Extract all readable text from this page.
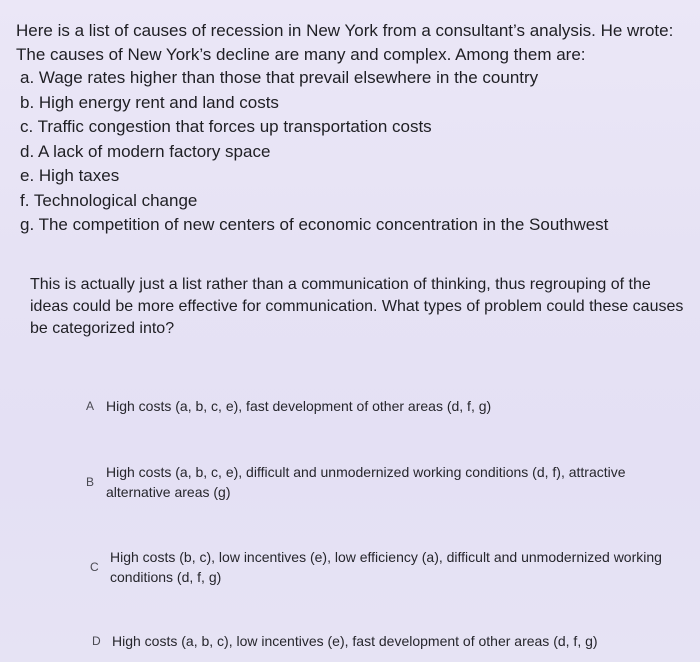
Here is a list of causes of recession in New York from a consultant’s analysis. He wrote:

The causes of New York’s decline are many and complex. Among them are:

a. Wage rates higher than those that prevail elsewhere in the country
b. High energy rent and land costs
c. Traffic congestion that forces up transportation costs
d. A lack of modern factory space
e. High taxes
f. Technological change
g. The competition of new centers of economic concentration in the Southwest

This is actually just a list rather than a communication of thinking, thus regrouping of the ideas could be more effective for communication. What types of problem could these causes be categorized into?

A High costs (a, b, c, e), fast development of other areas (d, f, g)
B
High costs (a, b, c, e), difficult and unmodernized working conditions (d, f), attractive alternative areas (g)
C
High costs (b, c), low incentives (e), low efficiency (a), difficult and unmodernized working conditions (d, f, g)
D High costs (a, b, c), low incentives (e), fast development of other areas (d, f, g)
